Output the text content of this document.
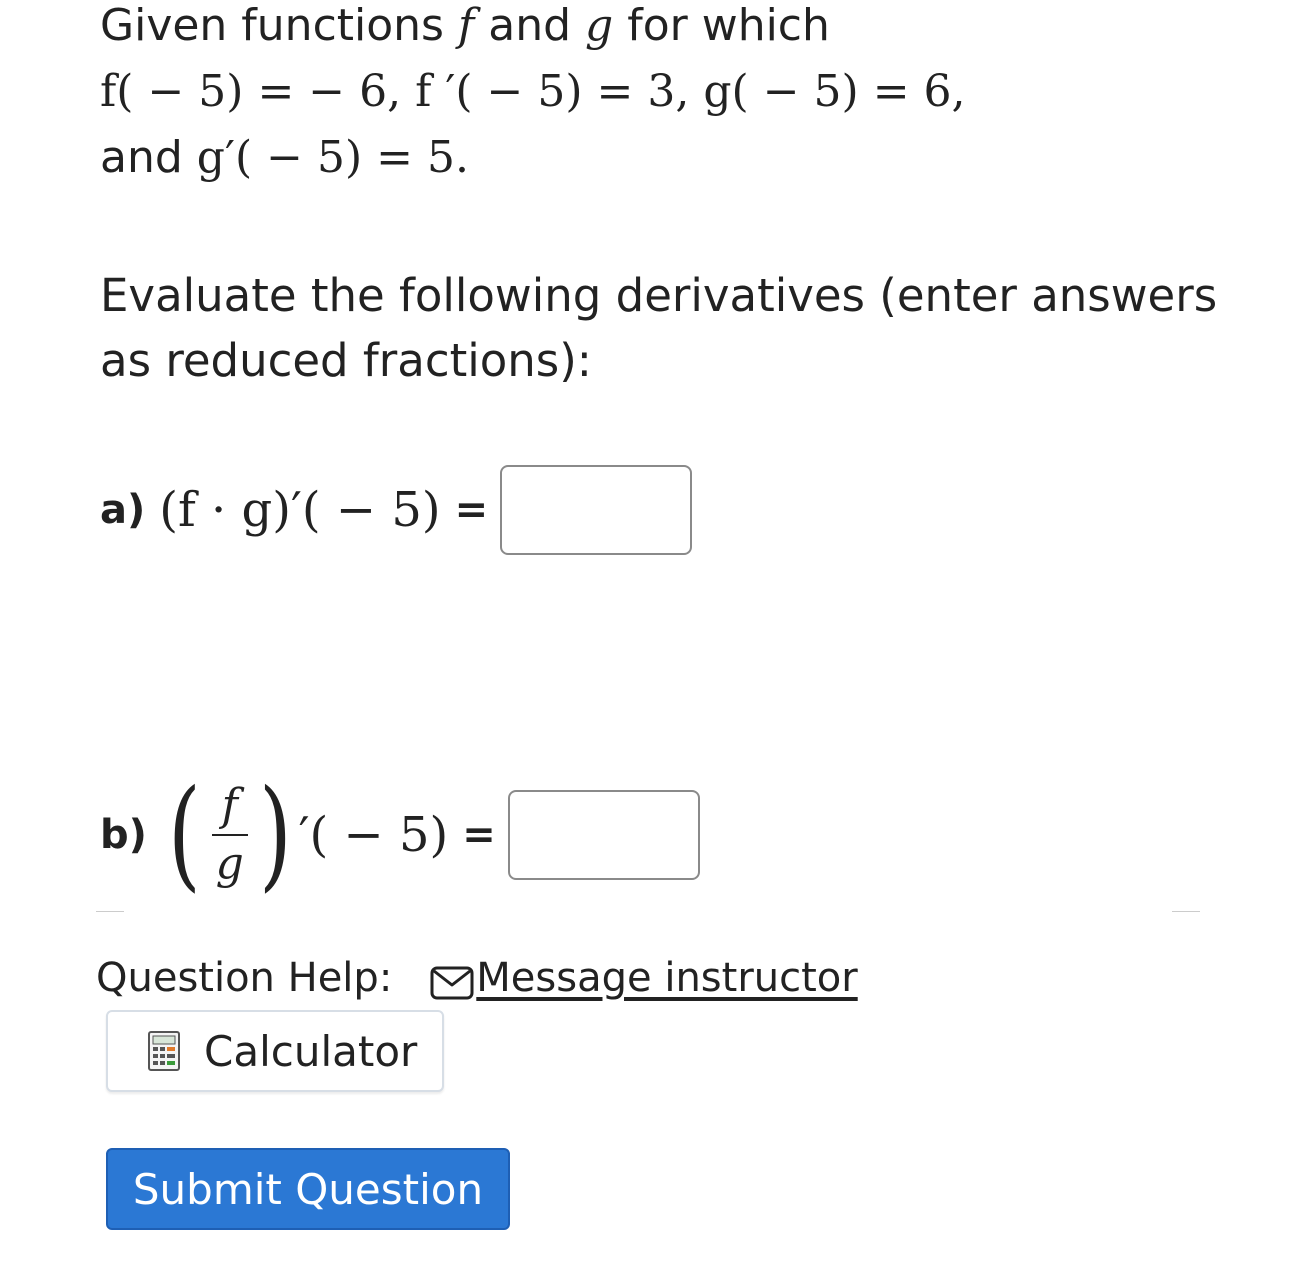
Given functions f and g for which
f( − 5) = − 6, f ′( − 5) = 3, g( − 5) = 6,
and g′( − 5) = 5.
Evaluate the following derivatives (enter answers
as reduced fractions):
a) (f · g)′( − 5) =
b) ( $\frac{f}{g}$ ) ′( − 5) =
Question Help: Message instructor
Calculator
Submit Question
